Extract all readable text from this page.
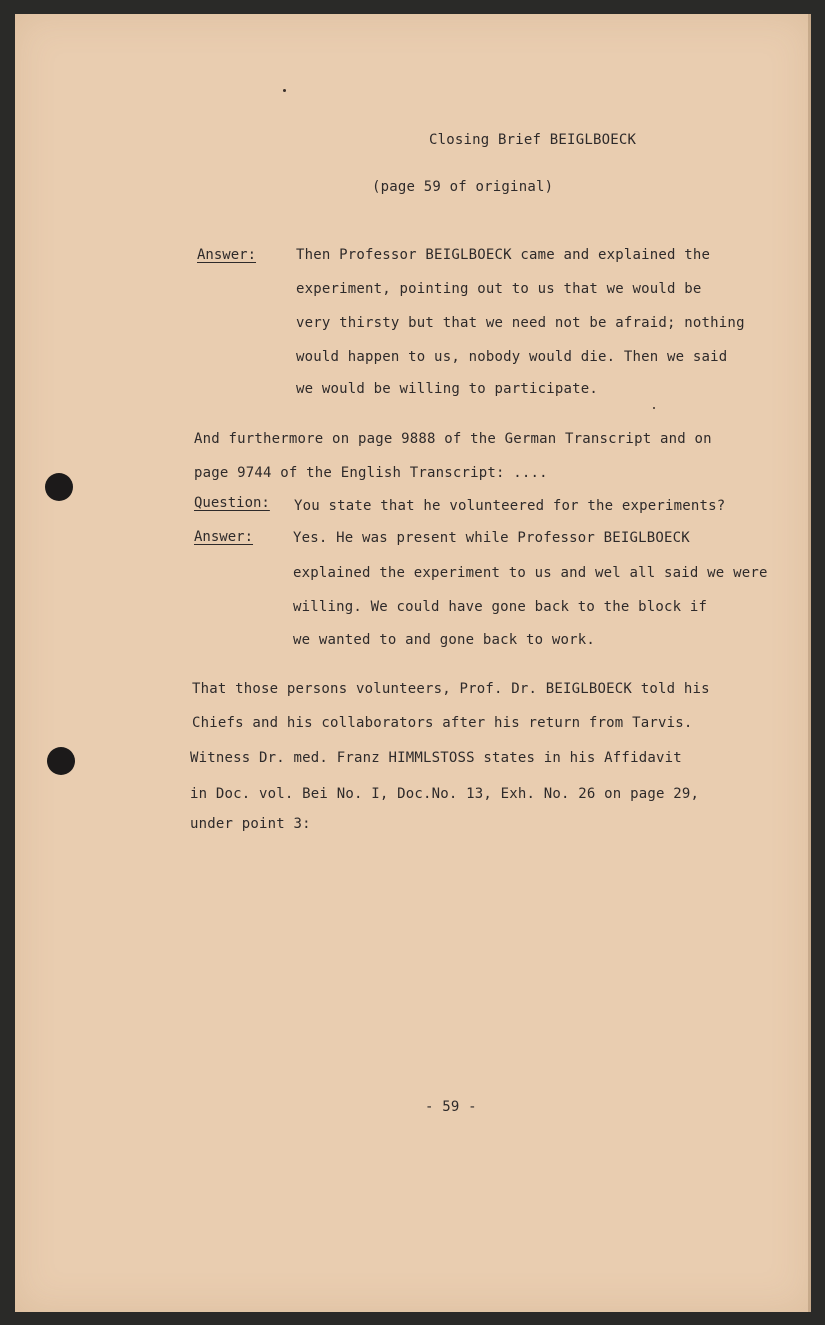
Closing Brief BEIGLBOECK
(page 59 of original)
Answer:	Then Professor BEIGLBOECK came and explained the
experiment, pointing out to us that we would be
very thirsty but that we need not be afraid; nothing
would happen to us, nobody would die. Then we said
we would be willing to participate.
And furthermore on page 9888 of the German Transcript and on
page 9744 of the English Transcript: ....
Question: You state that he volunteered for the experiments?
Answer:	Yes. He was present while Professor BEIGLBOECK
explained the experiment to us and wel all said we were
willing. We could have gone back to the block if
we wanted to and gone back to work.
That those persons volunteers, Prof. Dr. BEIGLBOECK told his
Chiefs and his collaborators after his return from Tarvis.
Witness Dr. med. Franz HIMMLSTOSS states in his Affidavit
in Doc. vol. Bei No. I, Doc.No. 13, Exh. No. 26 on page 29,
under point 3:
- 59 -
